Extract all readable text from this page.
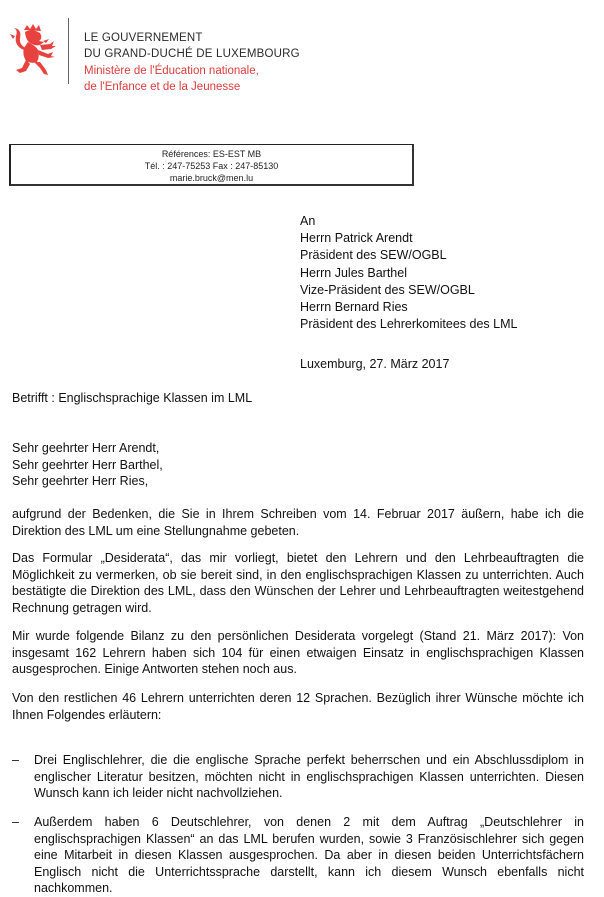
LE GOUVERNEMENT
DU GRAND-DUCHÉ DE LUXEMBOURG
Ministère de l'Éducation nationale,
de l'Enfance et de la Jeunesse
Références: ES-EST MB
Tél. : 247-75253 Fax : 247-85130
marie.bruck@men.lu
An
Herrn Patrick Arendt
Präsident des SEW/OGBL
Herrn Jules Barthel
Vize-Präsident des SEW/OGBL
Herrn Bernard Ries
Präsident des Lehrerkomitees des LML
Luxemburg, 27. März 2017
Betrifft : Englischsprachige Klassen im LML
Sehr geehrter Herr Arendt,
Sehr geehrter Herr Barthel,
Sehr geehrter Herr Ries,
aufgrund der Bedenken, die Sie in Ihrem Schreiben vom 14. Februar 2017 äußern, habe ich die Direktion des LML um eine Stellungnahme gebeten.
Das Formular „Desiderata“, das mir vorliegt, bietet den Lehrern und den Lehrbeauftragten die Möglichkeit zu vermerken, ob sie bereit sind, in den englischsprachigen Klassen zu unterrichten. Auch bestätigte die Direktion des LML, dass den Wünschen der Lehrer und Lehrbeauftragten weitestgehend Rechnung getragen wird.
Mir wurde folgende Bilanz zu den persönlichen Desiderata vorgelegt (Stand 21. März 2017): Von insgesamt 162 Lehrern haben sich 104 für einen etwaigen Einsatz in englischsprachigen Klassen ausgesprochen. Einige Antworten stehen noch aus.
Von den restlichen 46 Lehrern unterrichten deren 12 Sprachen. Bezüglich ihrer Wünsche möchte ich Ihnen Folgendes erläutern:
–	Drei Englischlehrer, die die englische Sprache perfekt beherrschen und ein Abschlussdiplom in englischer Literatur besitzen, möchten nicht in englischsprachigen Klassen unterrichten. Diesen Wunsch kann ich leider nicht nachvollziehen.
–	Außerdem haben 6 Deutschlehrer, von denen 2 mit dem Auftrag „Deutschlehrer in englischsprachigen Klassen“ an das LML berufen wurden, sowie 3 Französischlehrer sich gegen eine Mitarbeit in diesen Klassen ausgesprochen. Da aber in diesen beiden Unterrichtsfächern Englisch nicht die Unterrichtssprache darstellt, kann ich diesem Wunsch ebenfalls nicht nachkommen.
